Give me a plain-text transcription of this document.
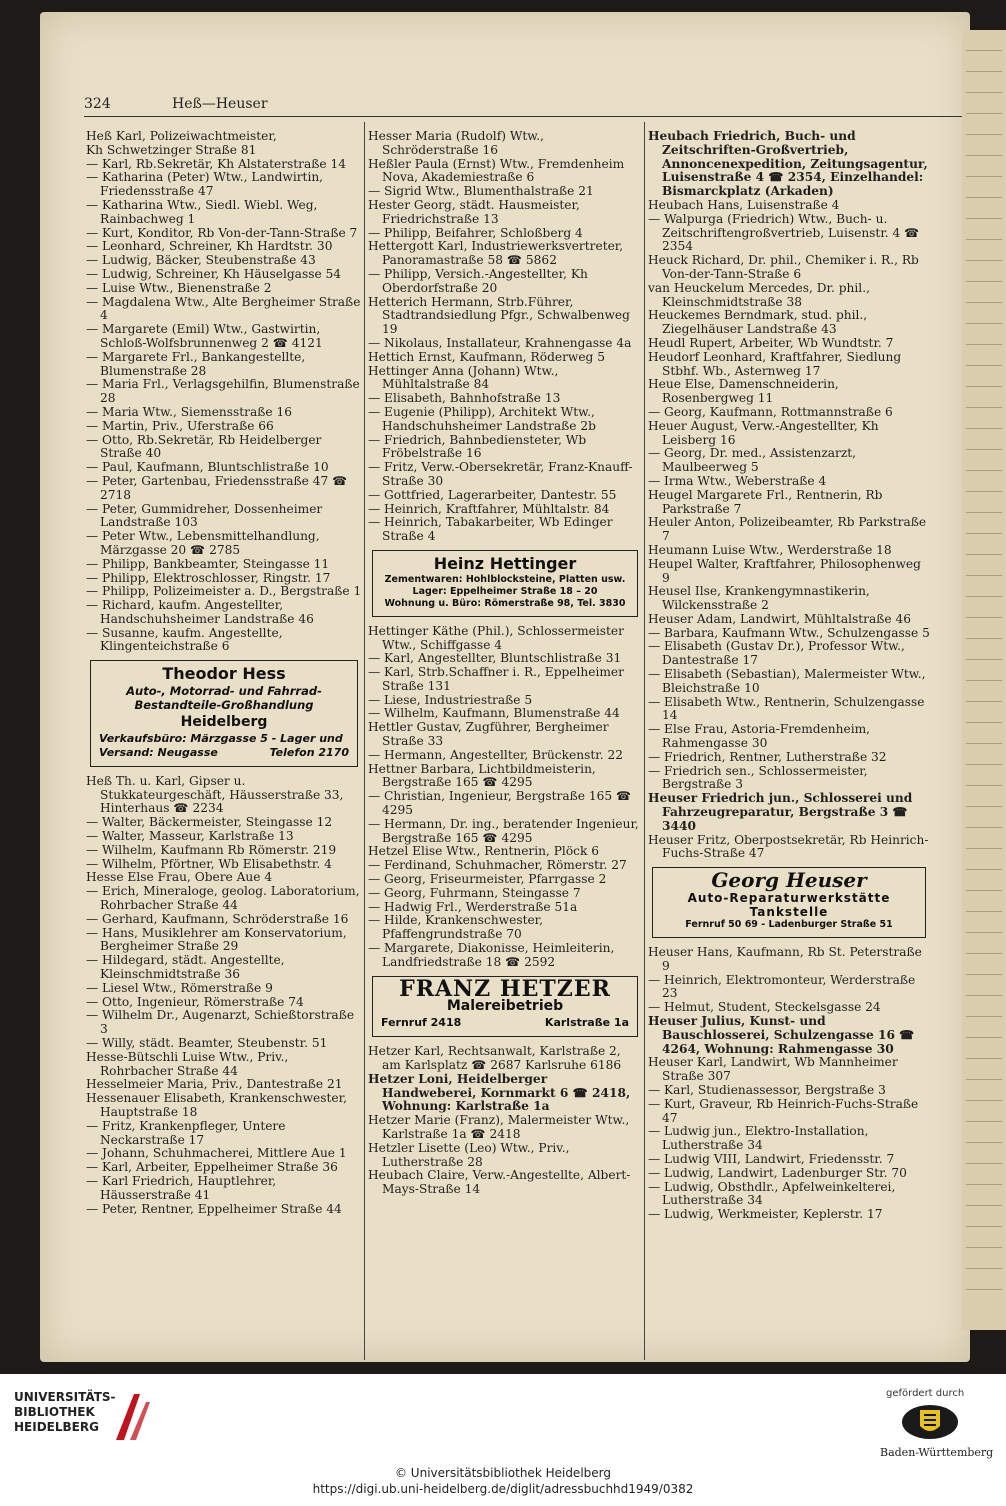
324	Heß—Heuser

Heß Karl, Polizeiwachtmeister,

Kh Schwetzinger Straße 81

— Karl, Rb.Sekretär, Kh Alstaterstraße 14

— Katharina (Peter) Wtw., Landwirtin, Friedensstraße 47

— Katharina Wtw., Siedl. Wiebl. Weg, Rainbachweg 1

— Kurt, Konditor, Rb Von-der-Tann-Straße 7

— Leonhard, Schreiner, Kh Hardtstr. 30

— Ludwig, Bäcker, Steubenstraße 43

— Ludwig, Schreiner, Kh Häuselgasse 54

— Luise Wtw., Bienenstraße 2

— Magdalena Wtw., Alte Bergheimer Straße 4

— Margarete (Emil) Wtw., Gastwirtin, Schloß-Wolfsbrunnenweg 2 ☎ 4121

— Margarete Frl., Bankangestellte, Blumenstraße 28

— Maria Frl., Verlagsgehilfin, Blumenstraße 28

— Maria Wtw., Siemensstraße 16

— Martin, Priv., Uferstraße 66

— Otto, Rb.Sekretär, Rb Heidelberger Straße 40

— Paul, Kaufmann, Bluntschlistraße 10

— Peter, Gartenbau, Friedensstraße 47 ☎ 2718

— Peter, Gummidreher, Dossenheimer Landstraße 103

— Peter Wtw., Lebensmittelhandlung, Märzgasse 20 ☎ 2785

— Philipp, Bankbeamter, Steingasse 11

— Philipp, Elektroschlosser, Ringstr. 17

— Philipp, Polizeimeister a. D., Bergstraße 1

— Richard, kaufm. Angestellter, Handschuhsheimer Landstraße 46

— Susanne, kaufm. Angestellte, Klingenteichstraße 6

Theodor Hess
Auto-, Motorrad- und Fahrrad-
Bestandteile-Großhandlung
Heidelberg
Verkaufsbüro: Märzgasse 5 - Lager und
Versand: Neugasse	Telefon 2170

Heß Th. u. Karl, Gipser u. Stukkateurgeschäft, Häusserstraße 33, Hinterhaus ☎ 2234

— Walter, Bäckermeister, Steingasse 12

— Walter, Masseur, Karlstraße 13

— Wilhelm, Kaufmann Rb Römerstr. 219

— Wilhelm, Pförtner, Wb Elisabethstr. 4

Hesse Else Frau, Obere Aue 4

— Erich, Mineraloge, geolog. Laboratorium, Rohrbacher Straße 44

— Gerhard, Kaufmann, Schröderstraße 16

— Hans, Musiklehrer am Konservatorium, Bergheimer Straße 29

— Hildegard, städt. Angestellte, Kleinschmidtstraße 36

— Liesel Wtw., Römerstraße 9

— Otto, Ingenieur, Römerstraße 74

— Wilhelm Dr., Augenarzt, Schießtorstraße 3

— Willy, städt. Beamter, Steubenstr. 51

Hesse-Bütschli Luise Wtw., Priv., Rohrbacher Straße 44

Hesselmeier Maria, Priv., Dantestraße 21

Hessenauer Elisabeth, Krankenschwester, Hauptstraße 18

— Fritz, Krankenpfleger, Untere Neckarstraße 17

— Johann, Schuhmacherei, Mittlere Aue 1

— Karl, Arbeiter, Eppelheimer Straße 36

— Karl Friedrich, Hauptlehrer, Häusserstraße 41

— Peter, Rentner, Eppelheimer Straße 44

Hesser Maria (Rudolf) Wtw., Schröderstraße 16

Heßler Paula (Ernst) Wtw., Fremdenheim Nova, Akademiestraße 6

— Sigrid Wtw., Blumenthalstraße 21

Hester Georg, städt. Hausmeister, Friedrichstraße 13

— Philipp, Beifahrer, Schloßberg 4

Hettergott Karl, Industriewerksvertreter, Panoramastraße 58 ☎ 5862

— Philipp, Versich.-Angestellter, Kh Oberdorfstraße 20

Hetterich Hermann, Strb.Führer, Stadtrandsiedlung Pfgr., Schwalbenweg 19

— Nikolaus, Installateur, Krahnengasse 4a

Hettich Ernst, Kaufmann, Röderweg 5

Hettinger Anna (Johann) Wtw., Mühltalstraße 84

— Elisabeth, Bahnhofstraße 13

— Eugenie (Philipp), Architekt Wtw., Handschuhsheimer Landstraße 2b

— Friedrich, Bahnbediensteter, Wb Fröbelstraße 16

— Fritz, Verw.-Obersekretär, Franz-Knauff-Straße 30

— Gottfried, Lagerarbeiter, Dantestr. 55

— Heinrich, Kraftfahrer, Mühltalstr. 84

— Heinrich, Tabakarbeiter, Wb Edinger Straße 4

Heinz Hettinger
Zementwaren: Hohlblocksteine, Platten usw.
Lager: Eppelheimer Straße 18 – 20
Wohnung u. Büro: Römerstraße 98, Tel. 3830

Hettinger Käthe (Phil.), Schlossermeister Wtw., Schiffgasse 4

— Karl, Angestellter, Bluntschlistraße 31

— Karl, Strb.Schaffner i. R., Eppelheimer Straße 131

— Liese, Industriestraße 5

— Wilhelm, Kaufmann, Blumenstraße 44

Hettler Gustav, Zugführer, Bergheimer Straße 33

— Hermann, Angestellter, Brückenstr. 22

Hettner Barbara, Lichtbildmeisterin, Bergstraße 165 ☎ 4295

— Christian, Ingenieur, Bergstraße 165 ☎ 4295

— Hermann, Dr. ing., beratender Ingenieur, Bergstraße 165 ☎ 4295

Hetzel Elise Wtw., Rentnerin, Plöck 6

— Ferdinand, Schuhmacher, Römerstr. 27

— Georg, Friseurmeister, Pfarrgasse 2

— Georg, Fuhrmann, Steingasse 7

— Hadwig Frl., Werderstraße 51a

— Hilde, Krankenschwester, Pfaffengrundstraße 70

— Margarete, Diakonisse, Heimleiterin, Landfriedstraße 18 ☎ 2592

FRANZ HETZER
Malereibetrieb
Fernruf 2418	Karlstraße 1a

Hetzer Karl, Rechtsanwalt, Karlstraße 2, am Karlsplatz ☎ 2687 Karlsruhe 6186

Hetzer Loni, Heidelberger Handweberei, Kornmarkt 6 ☎ 2418, Wohnung: Karlstraße 1a

Hetzer Marie (Franz), Malermeister Wtw., Karlstraße 1a ☎ 2418

Hetzler Lisette (Leo) Wtw., Priv., Lutherstraße 28

Heubach Claire, Verw.-Angestellte, Albert-Mays-Straße 14

Heubach Friedrich, Buch- und Zeitschriften-Großvertrieb, Annoncenexpedition, Zeitungsagentur, Luisenstraße 4 ☎ 2354, Einzelhandel: Bismarckplatz (Arkaden)

Heubach Hans, Luisenstraße 4

— Walpurga (Friedrich) Wtw., Buch- u. Zeitschriftengroßvertrieb, Luisenstr. 4 ☎ 2354

Heuck Richard, Dr. phil., Chemiker i. R., Rb Von-der-Tann-Straße 6

van Heuckelum Mercedes, Dr. phil., Kleinschmidtstraße 38

Heuckemes Berndmark, stud. phil., Ziegelhäuser Landstraße 43

Heudl Rupert, Arbeiter, Wb Wundtstr. 7

Heudorf Leonhard, Kraftfahrer, Siedlung Stbhf. Wb., Asternweg 17

Heue Else, Damenschneiderin, Rosenbergweg 11

— Georg, Kaufmann, Rottmannstraße 6

Heuer August, Verw.-Angestellter, Kh Leisberg 16

— Georg, Dr. med., Assistenzarzt, Maulbeerweg 5

— Irma Wtw., Weberstraße 4

Heugel Margarete Frl., Rentnerin, Rb Parkstraße 7

Heuler Anton, Polizeibeamter, Rb Parkstraße 7

Heumann Luise Wtw., Werderstraße 18

Heupel Walter, Kraftfahrer, Philosophenweg 9

Heusel Ilse, Krankengymnastikerin, Wilckensstraße 2

Heuser Adam, Landwirt, Mühltalstraße 46

— Barbara, Kaufmann Wtw., Schulzengasse 5

— Elisabeth (Gustav Dr.), Professor Wtw., Dantestraße 17

— Elisabeth (Sebastian), Malermeister Wtw., Bleichstraße 10

— Elisabeth Wtw., Rentnerin, Schulzengasse 14

— Else Frau, Astoria-Fremdenheim, Rahmengasse 30

— Friedrich, Rentner, Lutherstraße 32

— Friedrich sen., Schlossermeister, Bergstraße 3

Heuser Friedrich jun., Schlosserei und Fahrzeugreparatur, Bergstraße 3 ☎ 3440

Heuser Fritz, Oberpostsekretär, Rb Heinrich-Fuchs-Straße 47

Georg Heuser
Auto-Reparaturwerkstätte
Tankstelle
Fernruf 50 69 - Ladenburger Straße 51

Heuser Hans, Kaufmann, Rb St. Peterstraße 9

— Heinrich, Elektromonteur, Werderstraße 23

— Helmut, Student, Steckelsgasse 24

Heuser Julius, Kunst- und Bauschlosserei, Schulzengasse 16 ☎ 4264, Wohnung: Rahmengasse 30

Heuser Karl, Landwirt, Wb Mannheimer Straße 307

— Karl, Studienassessor, Bergstraße 3

— Kurt, Graveur, Rb Heinrich-Fuchs-Straße 47

— Ludwig jun., Elektro-Installation, Lutherstraße 34

— Ludwig VIII, Landwirt, Friedensstr. 7

— Ludwig, Landwirt, Ladenburger Str. 70

— Ludwig, Obsthdlr., Apfelweinkelterei, Lutherstraße 34

— Ludwig, Werkmeister, Keplerstr. 17

UNIVERSITÄTS-
BIBLIOTHEK
HEIDELBERG
gefördert durch
Baden-Württemberg
© Universitätsbibliothek Heidelberg
https://digi.ub.uni-heidelberg.de/diglit/adressbuchhd1949/0382
